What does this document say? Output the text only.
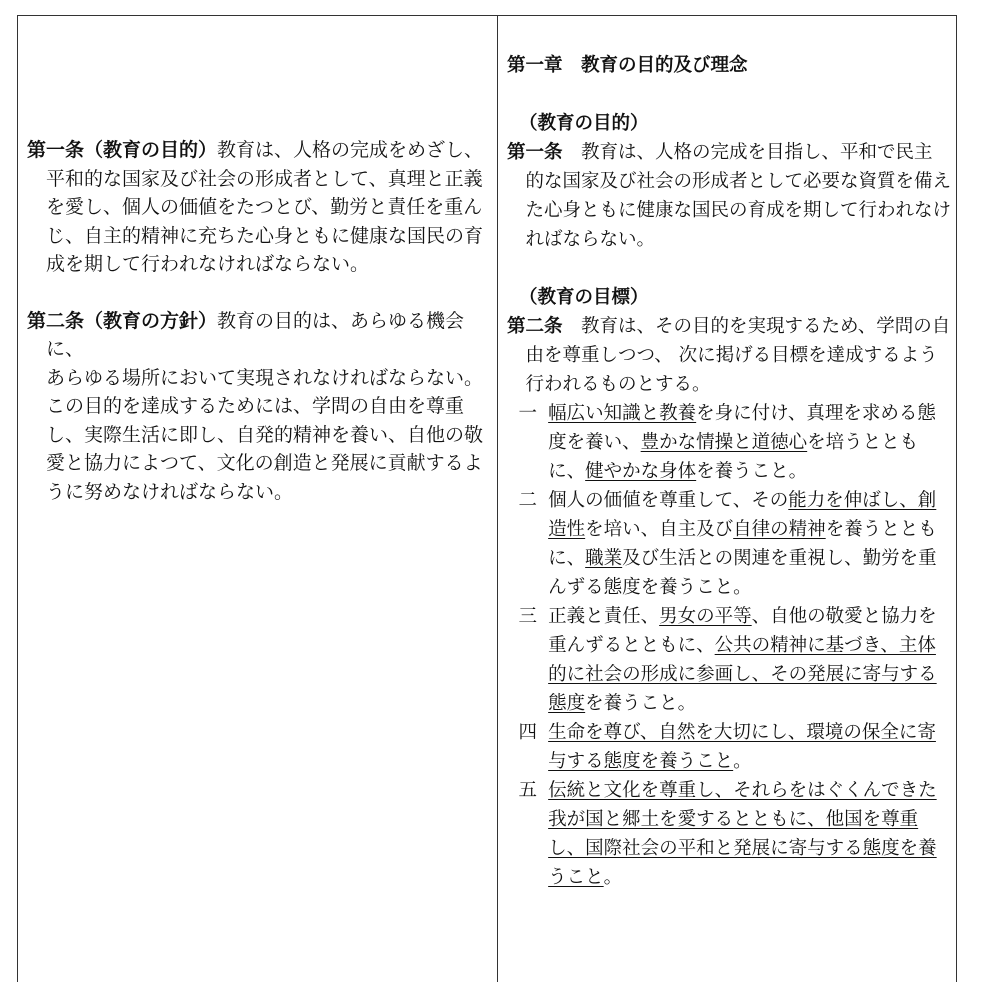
第一条（教育の目的）教育は、人格の完成をめざし、平和的な国家及び社会の形成者として、真理と正義を愛し、個人の価値をたつとび、勤労と責任を重んじ、自主的精神に充ちた心身ともに健康な国民の育成を期して行われなければならない。

第二条（教育の方針）教育の目的は、あらゆる機会に、
あらゆる場所において実現されなければならない。この目的を達成するためには、学問の自由を尊重し、実際生活に即し、自発的精神を養い、自他の敬愛と協力によつて、文化の創造と発展に貢献するように努めなければならない。

第一章　教育の目的及び理念

（教育の目的）

第一条　 教育は、人格の完成を目指し、平和で民主的な国家及び社会の形成者として必要な資質を備えた心身ともに健康な国民の育成を期して行われなければならない。

（教育の目標）

第二条　 教育は、その目的を実現するため、学問の自由を尊重しつつ、 次に掲げる目標を達成するよう行われるものとする。

一 幅広い知識と教養を身に付け、真理を求める態度を養い、豊かな情操と道徳心を培うとともに、健やかな身体を養うこと。

二 個人の価値を尊重して、その能力を伸ばし、創造性を培い、自主及び自律の精神を養うとともに、職業及び生活との関連を重視し、勤労を重んずる態度を養うこと。

三 正義と責任、男女の平等、自他の敬愛と協力を重んずるとともに、公共の精神に基づき、主体的に社会の形成に参画し、その発展に寄与する態度を養うこと。

四 生命を尊び、自然を大切にし、環境の保全に寄与する態度を養うこと。

五 伝統と文化を尊重し、それらをはぐくんできた我が国と郷土を愛するとともに、他国を尊重し、国際社会の平和と発展に寄与する態度を養うこと。
